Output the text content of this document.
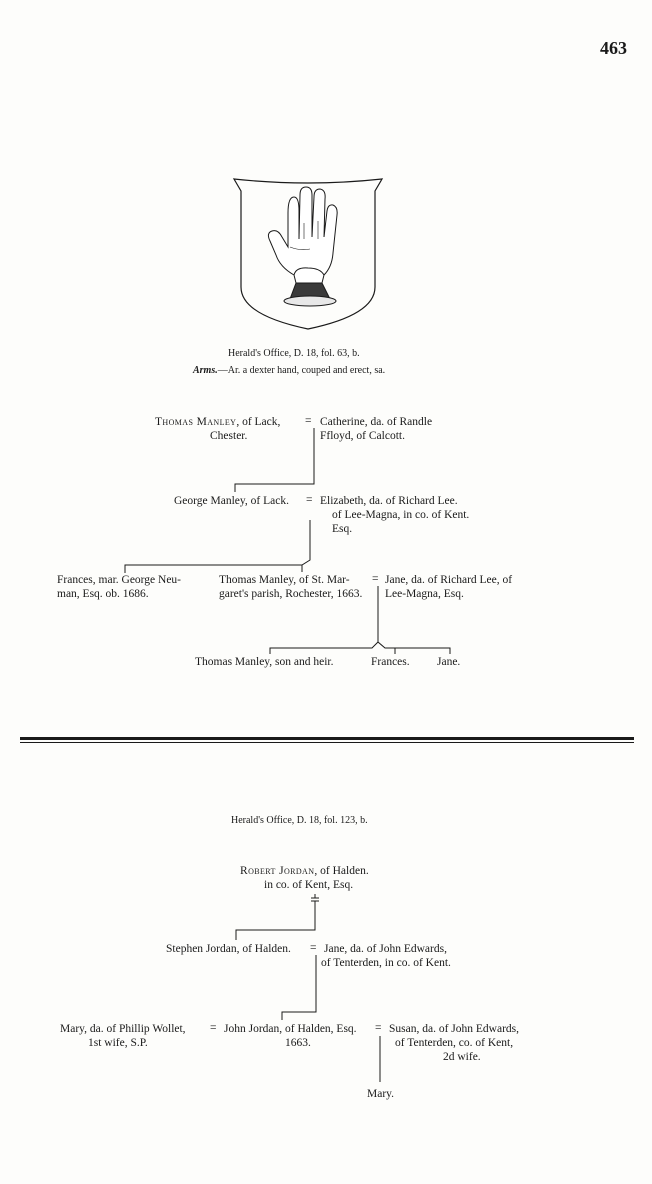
463
Herald's Office, D. 18, fol. 63, b.
Arms.—Ar. a dexter hand, couped and erect, sa.
Thomas Manley, of Lack,
Chester.
= Catherine, da. of Randle
Ffloyd, of Calcott.
George Manley, of Lack. = Elizabeth, da. of Richard Lee.
of Lee-Magna, in co. of Kent.
Esq.
Frances, mar. George Neu-
man, Esq. ob. 1686.
Thomas Manley, of St. Mar-
garet's parish, Rochester, 1663.
= Jane, da. of Richard Lee, of
Lee-Magna, Esq.
Thomas Manley, son and heir.	Frances. Jane.
Herald's Office, D. 18, fol. 123, b.
Robert Jordan, of Halden.
in co. of Kent, Esq.
Stephen Jordan, of Halden. = Jane, da. of John Edwards,
of Tenterden, in co. of Kent.
Mary, da. of Phillip Wollet,
1st wife, S.P.
= John Jordan, of Halden, Esq.
1663.
= Susan, da. of John Edwards,
of Tenterden, co. of Kent,
2d wife.
Mary.
